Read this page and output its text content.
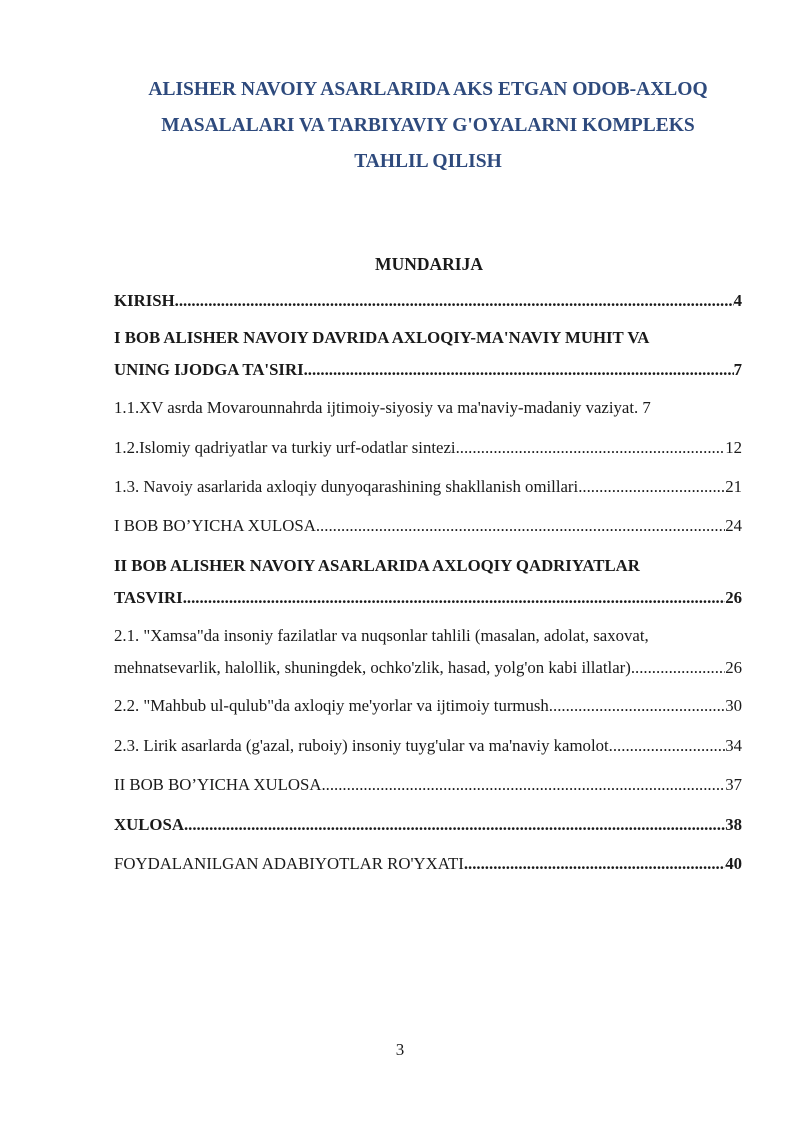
ALISHER NAVOIY ASARLARIDA AKS ETGAN ODOB-AXLOQ
MASALALARI VA TARBIYAVIY G'OYALARNI KOMPLEKS
TAHLIL QILISH
MUNDARIJA
KIRISH .....	4
I BOB ALISHER NAVOIY DAVRIDA AXLOQIY-MA'NAVIY MUHIT VA
UNING IJODGA TA'SIRI .....	7
1.1.XV asrda Movarounnahrda ijtimoiy-siyosiy va ma'naviy-madaniy vaziyat. 7
1.2.Islomiy qadriyatlar va turkiy urf-odatlar sintezi .....	12
1.3. Navoiy asarlarida axloqiy dunyoqarashining shakllanish omillari .....	21
I BOB BO’YICHA XULOSA .....	24
II BOB ALISHER NAVOIY ASARLARIDA AXLOQIY QADRIYATLAR
TASVIRI .....	26
2.1. "Xamsa"da insoniy fazilatlar va nuqsonlar tahlili (masalan, adolat, saxovat,
mehnatsevarlik, halollik, shuningdek, ochko'zlik, hasad, yolg'on kabi illatlar) .....	26
2.2. "Mahbub ul-qulub"da axloqiy me'yorlar va ijtimoiy turmush .....	30
2.3. Lirik asarlarda (g'azal, ruboiy) insoniy tuyg'ular va ma'naviy kamolot .....	34
II BOB BO’YICHA XULOSA .....	37
XULOSA .....	38
FOYDALANILGAN ADABIYOTLAR RO'YXATI .....	40
3
